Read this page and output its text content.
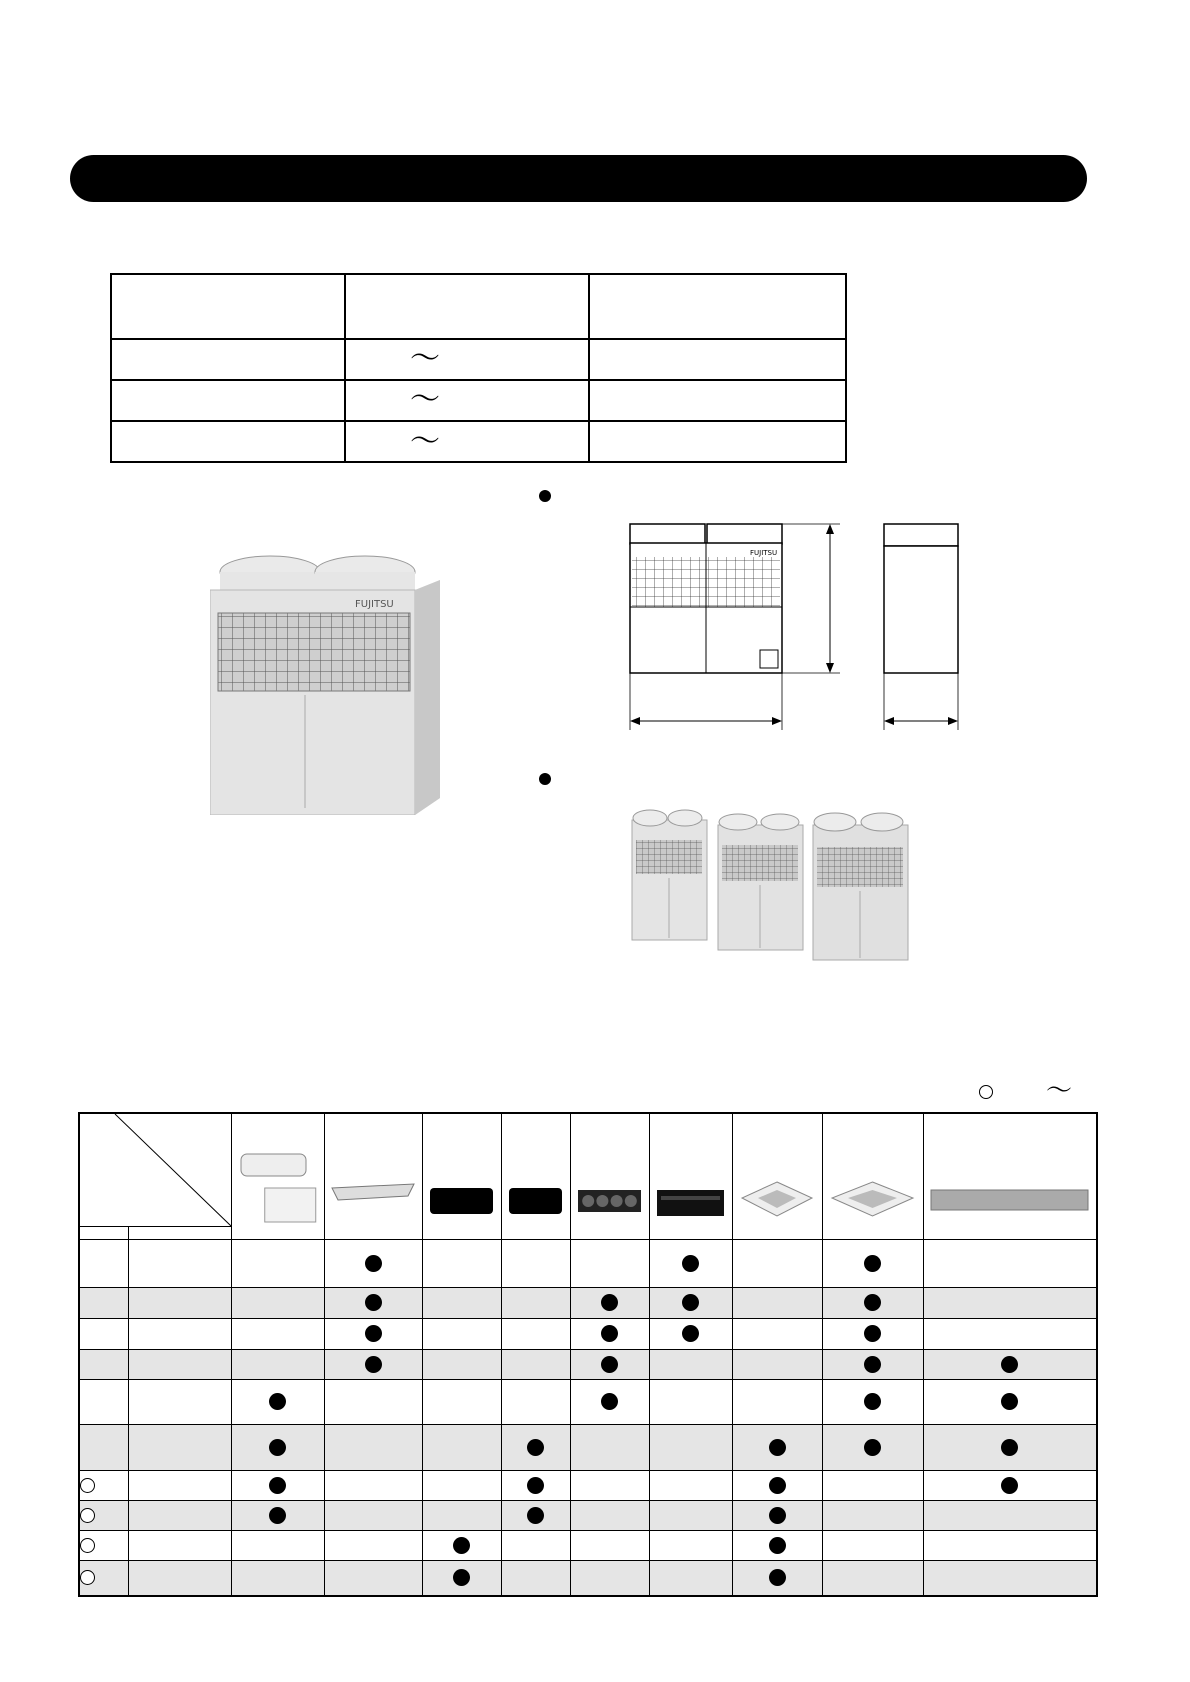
～
～
～
FUJITSU
FUJITSU
～
